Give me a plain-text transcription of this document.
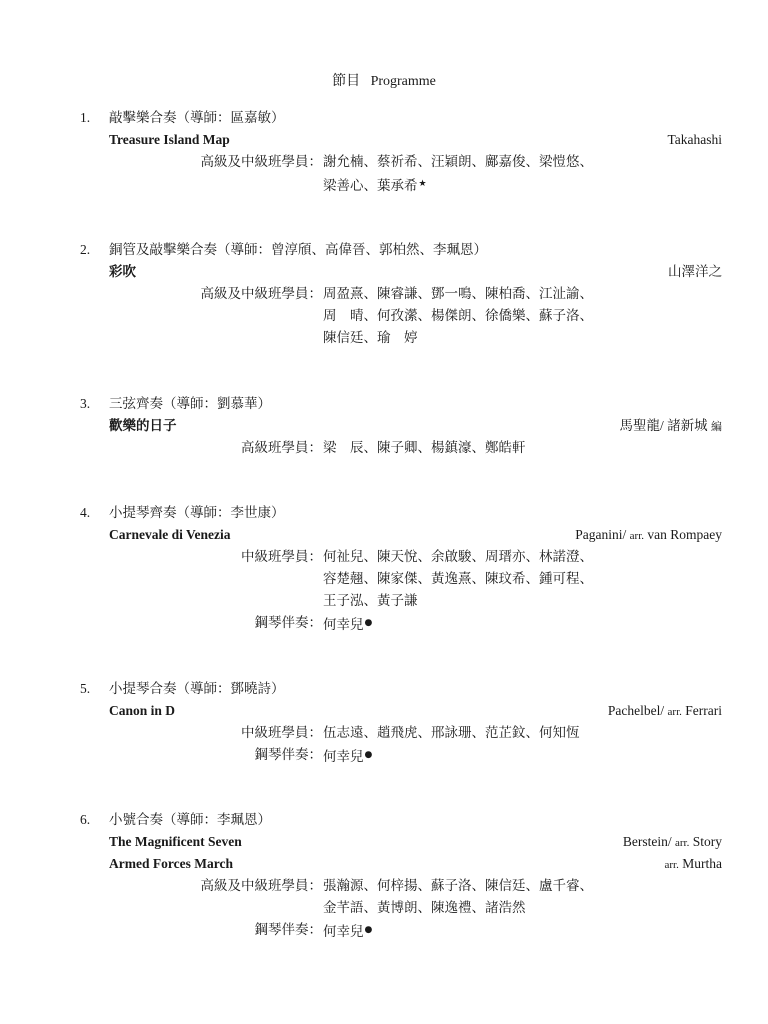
節目 Programme
1. 敲擊樂合奏（導師：區嘉敏）
Treasure Island Map	Takahashi
高級及中級班學員： 謝允楠、蔡祈希、汪穎朗、鄺嘉俊、梁愷悠、
梁善心、葉承希★
2. 銅管及敲擊樂合奏（導師：曾淳頎、高偉晉、郭柏然、李珮恩）
彩吹	山澤洋之
高級及中級班學員： 周盈熹、陳睿謙、鄧一鳴、陳柏喬、江沚諭、
周　晴、何孜瀠、楊傑朗、徐僑樂、蘇子洛、
陳信廷、瑜　婷
3. 三弦齊奏（導師：劉慕華）
歡樂的日子	馬聖龍/ 諸新城 編
高級班學員： 梁　辰、陳子卿、楊鎮濠、鄭皓軒
4. 小提琴齊奏（導師：李世康）
Carnevale di Venezia	Paganini/ arr. van Rompaey
中級班學員： 何祉兒、陳天悅、余啟駿、周瑨亦、林諾澄、
容楚翹、陳家傑、黃逸熹、陳玟希、鍾可程、
王子泓、黃子謙
鋼琴伴奏： 何幸兒●
5. 小提琴合奏（導師：鄧曉詩）
Canon in D	Pachelbel/ arr. Ferrari
中級班學員： 伍志遠、趙飛虎、邢詠珊、范芷鈫、何知恆
鋼琴伴奏： 何幸兒●
6. 小號合奏（導師：李珮恩）
The Magnificent Seven	Berstein/ arr. Story
Armed Forces March	arr. Murtha
高級及中級班學員： 張瀚源、何梓揚、蘇子洛、陳信廷、盧千睿、
金芊語、黃博朗、陳逸禮、諸浩然
鋼琴伴奏： 何幸兒●
